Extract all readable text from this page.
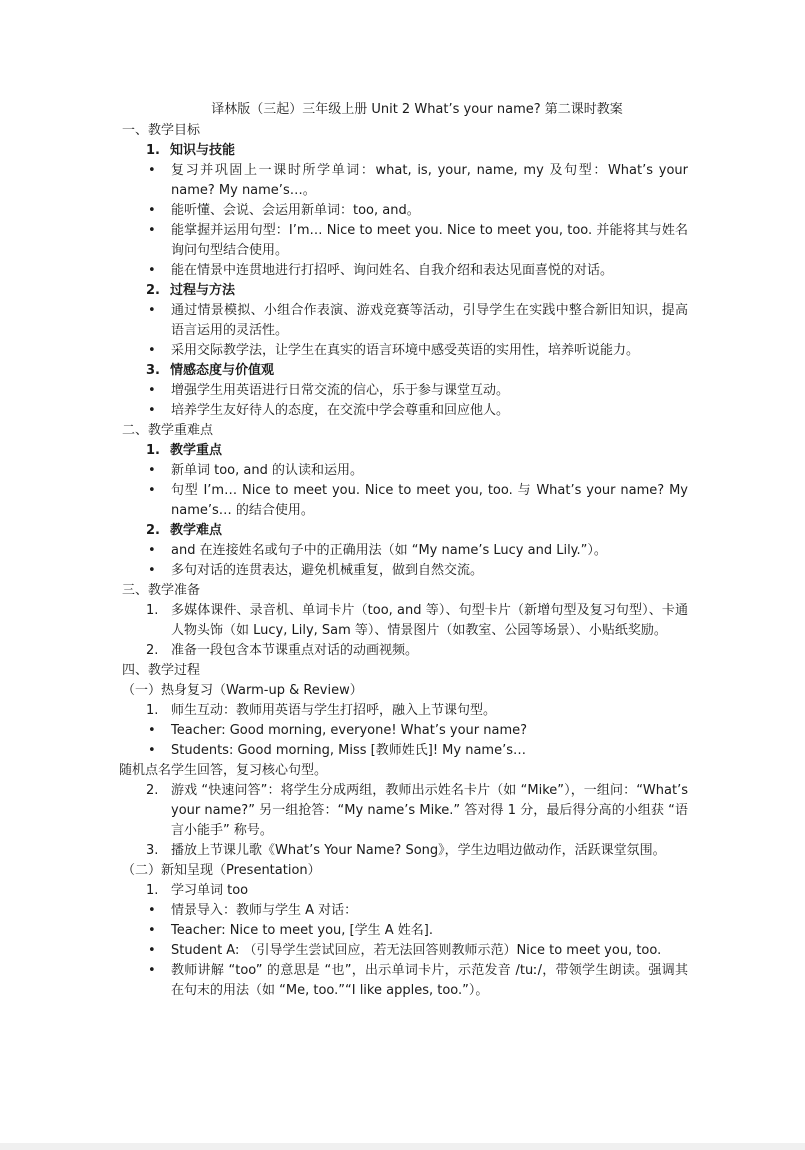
译林版（三起）三年级上册 Unit 2 What’s your name? 第二课时教案

一、教学目标

1. 知识与技能

• 复习并巩固上一课时所学单词：what, is, your, name, my 及句型：What’s your name? My name’s…。

• 能听懂、会说、会运用新单词：too, and。

• 能掌握并运用句型：I’m… Nice to meet you. Nice to meet you, too. 并能将其与姓名询问句型结合使用。

• 能在情景中连贯地进行打招呼、询问姓名、自我介绍和表达见面喜悦的对话。

2. 过程与方法

• 通过情景模拟、小组合作表演、游戏竞赛等活动，引导学生在实践中整合新旧知识，提高语言运用的灵活性。

• 采用交际教学法，让学生在真实的语言环境中感受英语的实用性，培养听说能力。

3. 情感态度与价值观

• 增强学生用英语进行日常交流的信心，乐于参与课堂互动。

• 培养学生友好待人的态度，在交流中学会尊重和回应他人。

二、教学重难点

1. 教学重点

• 新单词 too, and 的认读和运用。

• 句型 I’m… Nice to meet you. Nice to meet you, too. 与 What’s your name? My name’s… 的结合使用。

2. 教学难点

• and 在连接姓名或句子中的正确用法（如 “My name’s Lucy and Lily.”）。

• 多句对话的连贯表达，避免机械重复，做到自然交流。

三、教学准备

1. 多媒体课件、录音机、单词卡片（too, and 等）、句型卡片（新增句型及复习句型）、卡通人物头饰（如 Lucy, Lily, Sam 等）、情景图片（如教室、公园等场景）、小贴纸奖励。

2. 准备一段包含本节课重点对话的动画视频。

四、教学过程

（一）热身复习（Warm-up & Review）

1. 师生互动：教师用英语与学生打招呼，融入上节课句型。

• Teacher: Good morning, everyone! What’s your name?

• Students: Good morning, Miss [教师姓氏]! My name’s…

随机点名学生回答，复习核心句型。

2. 游戏 “快速问答”：将学生分成两组，教师出示姓名卡片（如 “Mike”），一组问：“What’s your name?” 另一组抢答：“My name’s Mike.” 答对得 1 分，最后得分高的小组获 “语言小能手” 称号。

3. 播放上节课儿歌《What’s Your Name? Song》，学生边唱边做动作，活跃课堂氛围。

（二）新知呈现（Presentation）

1. 学习单词 too

• 情景导入：教师与学生 A 对话：

• Teacher: Nice to meet you, [学生 A 姓名].

• Student A: （引导学生尝试回应，若无法回答则教师示范）Nice to meet you, too.

• 教师讲解 “too” 的意思是 “也”，出示单词卡片，示范发音 /tuː/，带领学生朗读。强调其在句末的用法（如 “Me, too.”“I like apples, too.”）。
